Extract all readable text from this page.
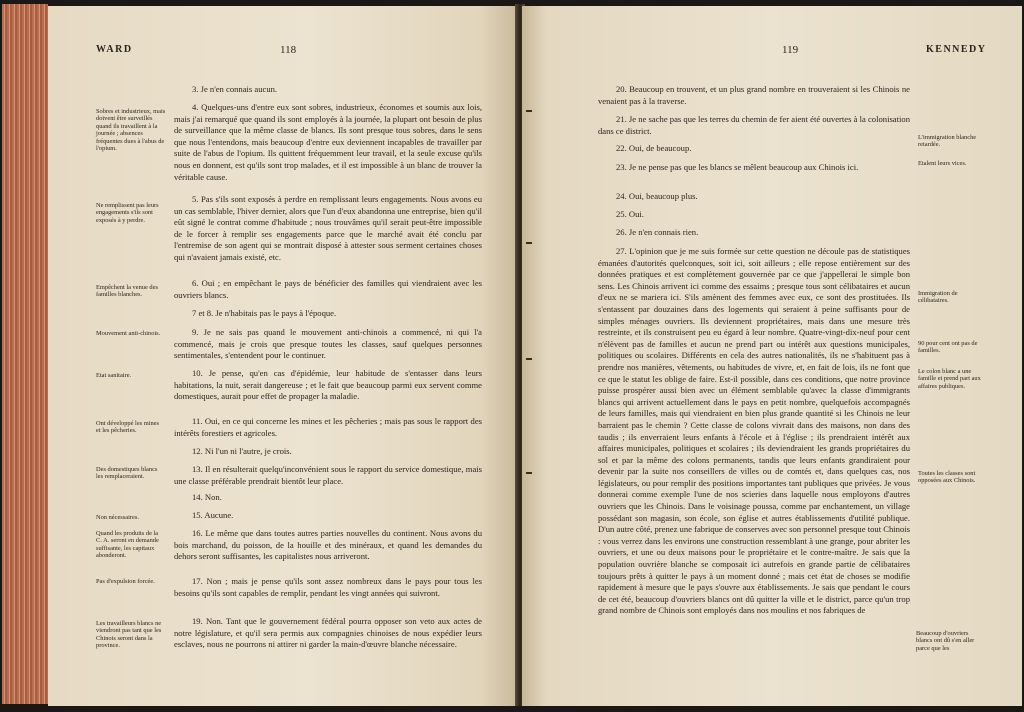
WARD	118
Sobres et industrieux, mais doivent être surveillés quand ils travaillent à la journée ; absences fréquentes dues à l'abus de l'opium.
Ne remplissent pas leurs engagements s'ils sont exposés à y perdre.
Empêchent la venue des familles blanches.
Mouvement anti-chinois.
Etat sanitaire.
Ont développé les mines et les pêcheries.
Des domestiques blancs les remplaceraient.
Non nécessaires.
Quand les produits de la C. A. seront en demande suffisante, les capitaux abonderont.
Pas d'expulsion forcée.
Les travailleurs blancs ne viendront pas tant que les Chinois seront dans la province.

3. Je n'en connais aucun.

4. Quelques-uns d'entre eux sont sobres, industrieux, économes et soumis aux lois, mais j'ai remarqué que quand ils sont employés à la journée, la plupart ont besoin de plus de surveillance que la même classe de blancs. Ils sont presque tous sobres, dans le sens que nous l'entendons, mais beaucoup d'entre eux deviennent incapables de travailler par suite de l'abus de l'opium. Ils quittent fréquemment leur travail, et la seule excuse qu'ils nous en donnent, est qu'ils sont trop malades, et il est impossible à un blanc de trouver la véritable cause.

5. Pas s'ils sont exposés à perdre en remplissant leurs engagements. Nous avons eu un cas semblable, l'hiver dernier, alors que l'un d'eux abandonna une entreprise, bien qu'il eût signé le contrat comme d'habitude ; nous trouvâmes qu'il serait peut-être impossible de le forcer à remplir ses engagements parce que le marché avait été conclu par l'entremise de son agent qui se montrait disposé à attester sous serment certaines choses qui n'avaient jamais existé, etc.

6. Oui ; en empêchant le pays de bénéficier des familles qui viendraient avec les ouvriers blancs.

7 et 8. Je n'habitais pas le pays à l'époque.

9. Je ne sais pas quand le mouvement anti-chinois a commencé, ni qui l'a commencé, mais je crois que presque toutes les classes, sauf quelques personnes sentimentales, s'entendent pour le continuer.

10. Je pense, qu'en cas d'épidémie, leur habitude de s'entasser dans leurs habitations, la nuit, serait dangereuse ; et le fait que beaucoup parmi eux servent comme domestiques, aurait pour effet de propager la maladie.

11. Oui, en ce qui concerne les mines et les pêcheries ; mais pas sous le rapport des intérêts forestiers et agricoles.

12. Ni l'un ni l'autre, je crois.

13. Il en résulterait quelqu'inconvénient sous le rapport du service domestique, mais une classe préférable prendrait bientôt leur place.

14. Non.

15. Aucune.

16. Le même que dans toutes autres parties nouvelles du continent. Nous avons du bois marchand, du poisson, de la houille et des minéraux, et quand les demandes du dehors seront suffisantes, les capitalistes nous arriveront.

17. Non ; mais je pense qu'ils sont assez nombreux dans le pays pour tous les besoins qu'ils sont capables de remplir, pendant les vingt années qui suivront.

19. Non. Tant que le gouvernement fédéral pourra opposer son veto aux actes de notre législature, et qu'il sera permis aux compagnies chinoises de nous expédier leurs esclaves, nous ne pourrons ni attirer ni garder la main-d'œuvre blanche nécessaire.

119	KENNEDY

20. Beaucoup en trouvent, et un plus grand nombre en trouveraient si les Chinois ne venaient pas à la traverse.

21. Je ne sache pas que les terres du chemin de fer aient été ouvertes à la colonisation dans ce district.

22. Oui, de beaucoup.

23. Je ne pense pas que les blancs se mêlent beaucoup aux Chinois ici.

24. Oui, beaucoup plus.

25. Oui.

26. Je n'en connais rien.

27. L'opinion que je me suis formée sur cette question ne découle pas de statistiques émanées d'autorités quelconques, soit ici, soit ailleurs ; elle repose entièrement sur des données pratiques et est complètement gouvernée par ce que j'appellerai le simple bon sens. Les Chinois arrivent ici comme des essaims ; presque tous sont célibataires et aucun d'eux ne se mariera ici. S'ils amènent des femmes avec eux, ce sont des prostituées. Ils s'entassent par douzaines dans des logements qui seraient à peine suffisants pour de simples ménages ouvriers. Ils deviennent propriétaires, mais dans une mesure très restreinte, et ils construisent peu eu égard à leur nombre. Quatre-vingt-dix-neuf pour cent n'élèvent pas de familles et aucun ne prend part ou intérêt aux questions municipales, politiques ou scolaires. Différents en cela des autres nationalités, ils ne s'habituent pas à prendre nos manières, vêtements, ou habitudes de vivre, et, en fait de lois, ils ne font que ce que le statut les oblige de faire. Est-il possible, dans ces conditions, que notre province puisse prospérer aussi bien avec un élément semblable qu'avec la classe d'immigrants blancs qui arrivent actuellement dans le pays en petit nombre, quelquefois accompagnés de leurs familles, mais qui viendraient en bien plus grande quantité si les Chinois ne leur barraient pas le chemin ? Cette classe de colons vivrait dans des maisons, non dans des taudis ; ils enverraient leurs enfants à l'école et à l'église ; ils prendraient intérêt aux affaires municipales, politiques et scolaires ; ils deviendraient les grands propriétaires du sol et par la même des colons permanents, tandis que leurs enfants grandiraient pour devenir par la suite nos conseillers de villes ou de comtés et, dans quelques cas, nos législateurs, ou pour remplir des positions importantes tant publiques que privées. Je vous donnerai comme exemple l'une de nos scieries dans laquelle nous employons d'autres ouvriers que les Chinois. Dans le voisinage poussa, comme par enchantement, un village possédant son magasin, son école, son église et autres établissements d'utilité publique. D'un autre côté, prenez une fabrique de conserves avec son personnel presque tout Chinois : vous verrez dans les environs une construction ressemblant à une grange, pour abriter les ouvriers, et une ou deux maisons pour le propriétaire et le contre-maître. Je sais que la population ouvrière blanche se composait ici autrefois en grande partie de célibataires toujours prêts à quitter le pays à un moment donné ; mais cet état de choses se modifie rapidement à mesure que le pays s'ouvre aux établissements. Je sais que pendant le cours de cet été, beaucoup d'ouvriers blancs ont dû quitter la ville et le district, parce qu'un trop grand nombre de Chinois sont employés dans nos moulins et nos fabriques de

L'immigration blanche retardée.
Etalent leurs vices.
Immigration de célibataires.
90 pour cent ont pas de familles.
Le colon blanc a une famille et prend part aux affaires publiques.
Toutes les classes sont opposées aux Chinois.
Beaucoup d'ouvriers blancs ont dû s'en aller parce que les
